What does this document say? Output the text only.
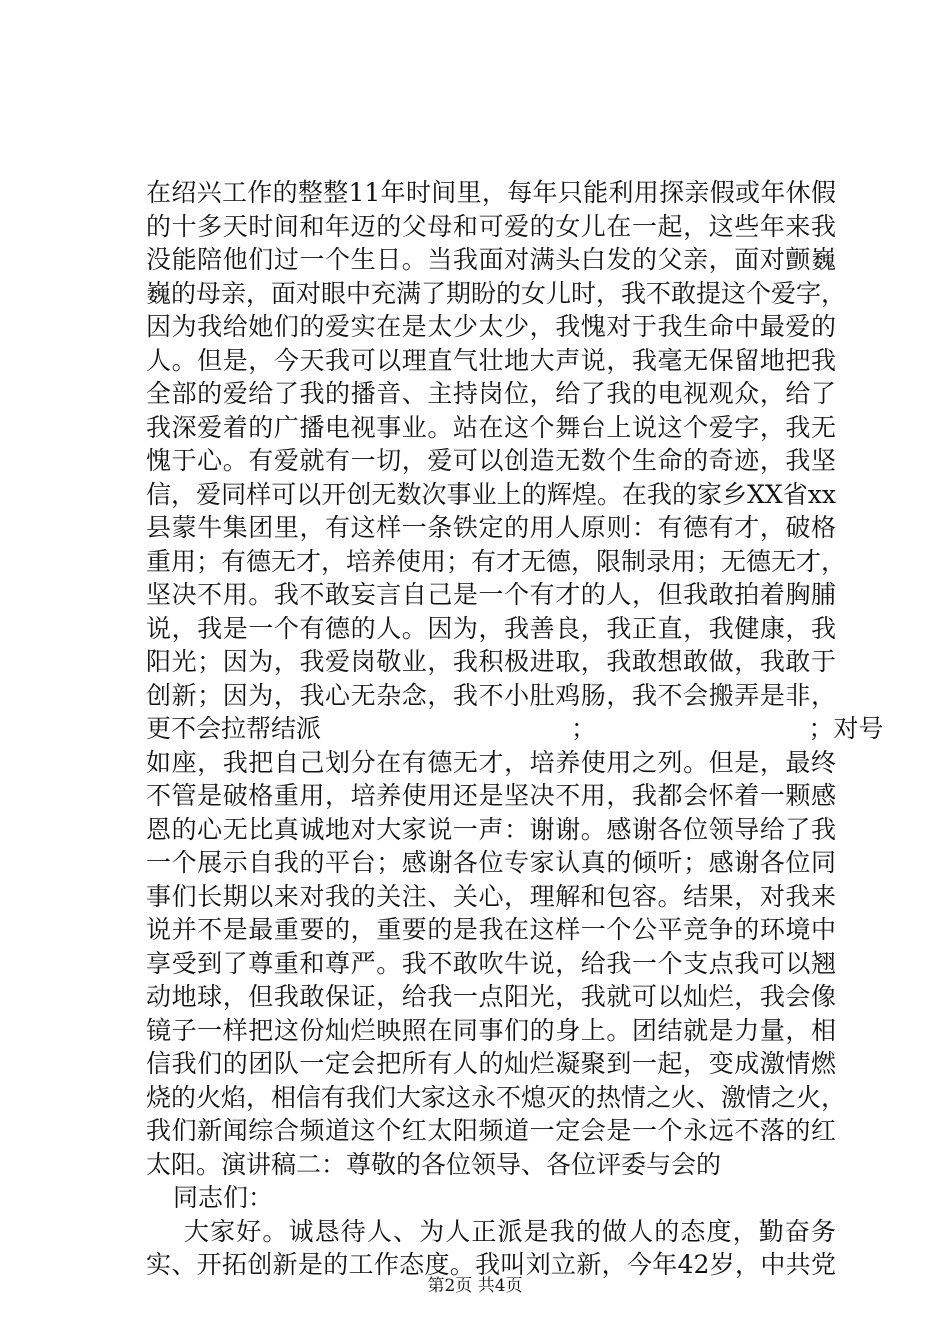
在绍兴工作的整整11年时间里，每年只能利用探亲假或年休假
的十多天时间和年迈的父母和可爱的女儿在一起，这些年来我
没能陪他们过一个生日。当我面对满头白发的父亲，面对颤巍
巍的母亲，面对眼中充满了期盼的女儿时，我不敢提这个爱字，
因为我给她们的爱实在是太少太少，我愧对于我生命中最爱的
人。但是，今天我可以理直气壮地大声说，我毫无保留地把我
全部的爱给了我的播音、主持岗位，给了我的电视观众，给了
我深爱着的广播电视事业。站在这个舞台上说这个爱字，我无
愧于心。有爱就有一切，爱可以创造无数个生命的奇迹，我坚
信，爱同样可以开创无数次事业上的辉煌。在我的家乡XX省xx
县蒙牛集团里，有这样一条铁定的用人原则：有德有才，破格
重用；有德无才，培养使用；有才无德，限制录用；无德无才，
坚决不用。我不敢妄言自己是一个有才的人，但我敢拍着胸脯
说，我是一个有德的人。因为，我善良，我正直，我健康，我
阳光；因为，我爱岗敬业，我积极进取，我敢想敢做，我敢于
创新；因为，我心无杂念，我不小肚鸡肠，我不会搬弄是非，
更不会拉帮结派　　　　　　　　　　；　　　　　　　　　；对号
如座，我把自己划分在有德无才，培养使用之列。但是，最终
不管是破格重用，培养使用还是坚决不用，我都会怀着一颗感
恩的心无比真诚地对大家说一声：谢谢。感谢各位领导给了我
一个展示自我的平台；感谢各位专家认真的倾听；感谢各位同
事们长期以来对我的关注、关心，理解和包容。结果，对我来
说并不是最重要的，重要的是我在这样一个公平竞争的环境中
享受到了尊重和尊严。我不敢吹牛说，给我一个支点我可以翘
动地球，但我敢保证，给我一点阳光，我就可以灿烂，我会像
镜子一样把这份灿烂映照在同事们的身上。团结就是力量，相
信我们的团队一定会把所有人的灿烂凝聚到一起，变成激情燃
烧的火焰，相信有我们大家这永不熄灭的热情之火、激情之火，
我们新闻综合频道这个红太阳频道一定会是一个永远不落的红
太阳。演讲稿二：尊敬的各位领导、各位评委与会的
同志们：
大家好。诚恳待人、为人正派是我的做人的态度，勤奋务
实、开拓创新是的工作态度。我叫刘立新，今年42岁，中共党
第2页 共4页
